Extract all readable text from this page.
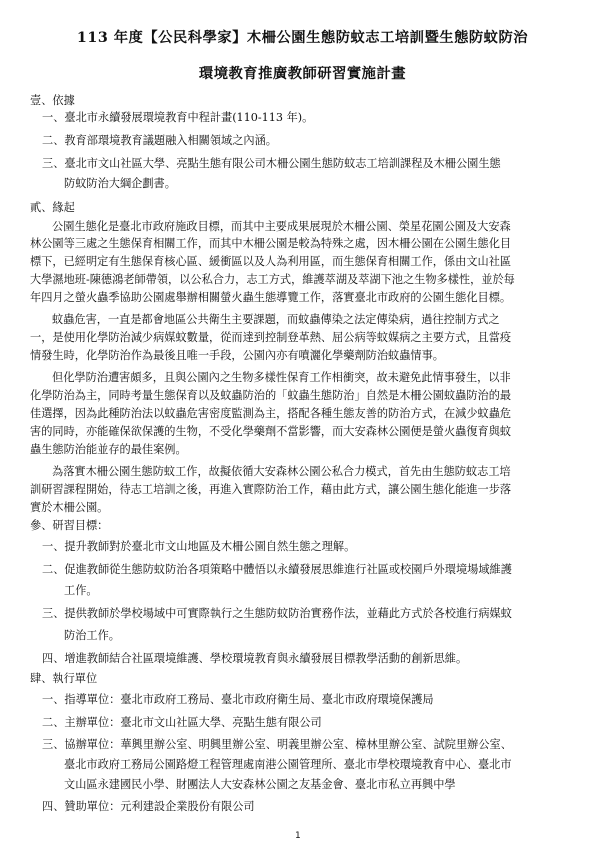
113 年度【公民科學家】木柵公園生態防蚊志工培訓暨生態防蚊防治
環境教育推廣教師研習實施計畫
壹、依據
一、臺北市永續發展環境教育中程計畫(110-113 年)。
二、教育部環境教育議題融入相關領域之內涵。
三、臺北市文山社區大學、亮點生態有限公司木柵公園生態防蚊志工培訓課程及木柵公園生態
防蚊防治大綱企劃書。
貳、緣起
公園生態化是臺北市政府施政目標，而其中主要成果展現於木柵公園、榮星花園公園及大安森
林公園等三處之生態保育相關工作，而其中木柵公園是較為特殊之處，因木柵公園在公園生態化目
標下，已經明定有生態保育核心區、緩衝區以及人為利用區，而生態保育相關工作，係由文山社區
大學濕地班-陳德鴻老師帶領，以公私合力，志工方式，維護萃湖及萃湖下池之生物多樣性，並於每
年四月之螢火蟲季協助公園處舉辦相關螢火蟲生態導覽工作，落實臺北市政府的公園生態化目標。
蚊蟲危害，一直是都會地區公共衛生主要課題，而蚊蟲傳染之法定傳染病，過往控制方式之
一，是使用化學防治減少病媒蚊數量，從而達到控制登革熱、屈公病等蚊媒病之主要方式，且當疫
情發生時，化學防治作為最後且唯一手段，公園內亦有噴灑化學藥劑防治蚊蟲情事。
但化學防治遭害頗多，且與公園內之生物多樣性保育工作相衝突，故未避免此情事發生，以非
化學防治為主，同時考量生態保育以及蚊蟲防治的「蚊蟲生態防治」自然是木柵公園蚊蟲防治的最
佳選擇，因為此種防治法以蚊蟲危害密度監測為主，搭配各種生態友善的防治方式，在減少蚊蟲危
害的同時，亦能確保欲保護的生物，不受化學藥劑不當影響，而大安森林公園便是螢火蟲復育與蚊
蟲生態防治能並存的最佳案例。
為落實木柵公園生態防蚊工作，故擬依循大安森林公園公私合力模式，首先由生態防蚊志工培
訓研習課程開始，待志工培訓之後，再進入實際防治工作，藉由此方式，讓公園生態化能進一步落
實於木柵公園。
參、研習目標：
一、提升教師對於臺北市文山地區及木柵公園自然生態之理解。
二、促進教師從生態防蚊防治各項策略中體悟以永續發展思維進行社區或校園戶外環境場域維護
工作。
三、提供教師於學校場域中可實際執行之生態防蚊防治實務作法，並藉此方式於各校進行病媒蚊
防治工作。
四、增進教師結合社區環境維護、學校環境教育與永續發展目標教學活動的創新思維。
肆、執行單位
一、指導單位：臺北市政府工務局、臺北市政府衛生局、臺北市政府環境保護局
二、主辦單位：臺北市文山社區大學、亮點生態有限公司
三、協辦單位：華興里辦公室、明興里辦公室、明義里辦公室、樟林里辦公室、試院里辦公室、
臺北市政府工務局公園路燈工程管理處南港公園管理所、臺北市學校環境教育中心、臺北市
文山區永建國民小學、財團法人大安森林公園之友基金會、臺北市私立再興中學
四、贊助單位：元利建設企業股份有限公司
1
